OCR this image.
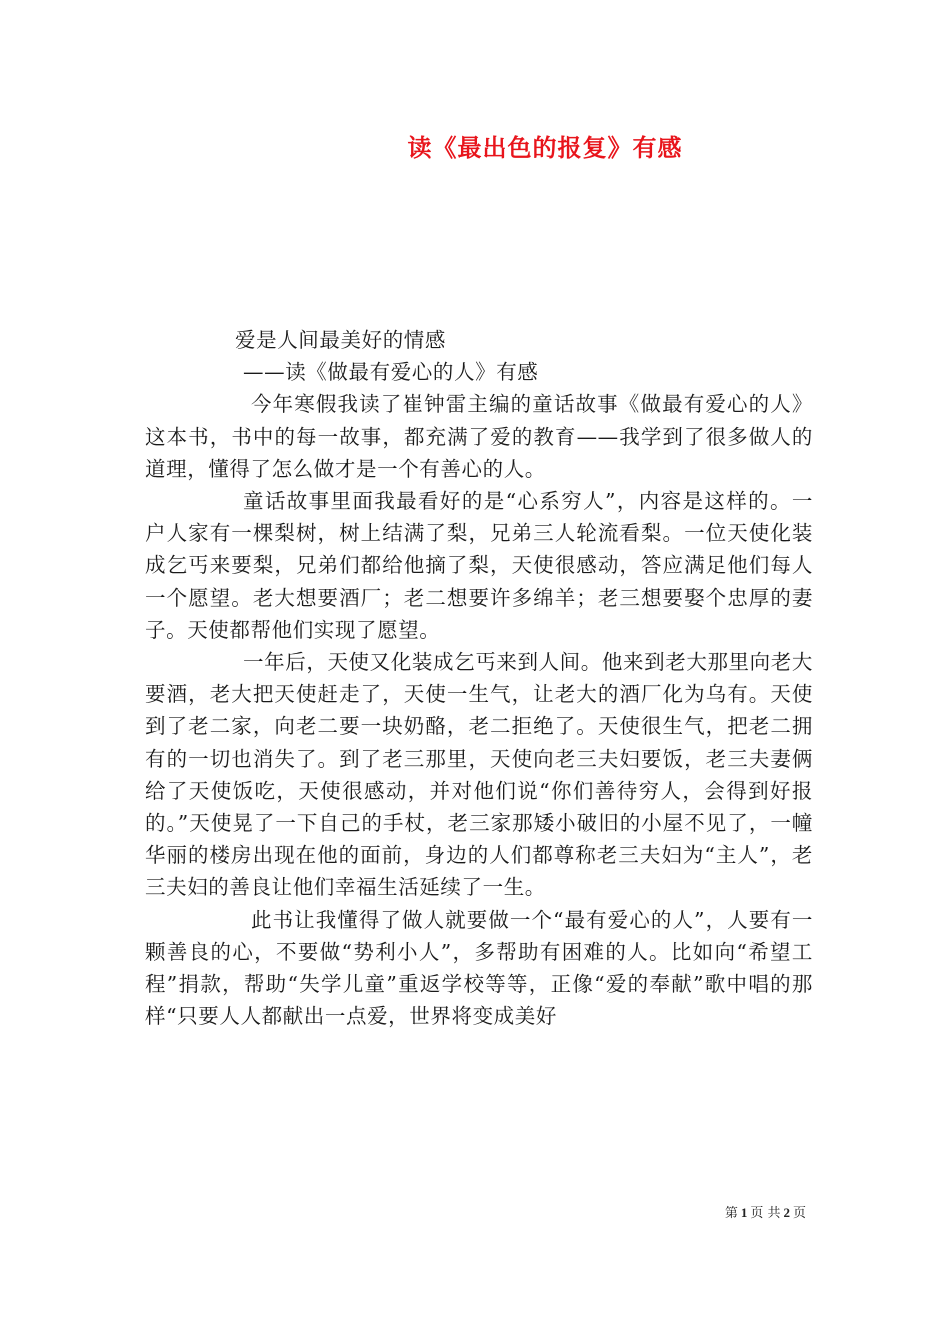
读《最出色的报复》有感

爱是人间最美好的情感

——读《做最有爱心的人》有感

今年寒假我读了崔钟雷主编的童话故事《做最有爱心的人》这本书，书中的每一故事，都充满了爱的教育——我学到了很多做人的道理，懂得了怎么做才是一个有善心的人。

童话故事里面我最看好的是“心系穷人”，内容是这样的。一户人家有一棵梨树，树上结满了梨，兄弟三人轮流看梨。一位天使化装成乞丐来要梨，兄弟们都给他摘了梨，天使很感动，答应满足他们每人一个愿望。老大想要酒厂；老二想要许多绵羊；老三想要娶个忠厚的妻子。天使都帮他们实现了愿望。

一年后，天使又化装成乞丐来到人间。他来到老大那里向老大要酒，老大把天使赶走了，天使一生气，让老大的酒厂化为乌有。天使到了老二家，向老二要一块奶酪，老二拒绝了。天使很生气，把老二拥有的一切也消失了。到了老三那里，天使向老三夫妇要饭，老三夫妻俩给了天使饭吃，天使很感动，并对他们说“你们善待穷人，会得到好报的。”天使晃了一下自己的手杖，老三家那矮小破旧的小屋不见了，一幢华丽的楼房出现在他的面前，身边的人们都尊称老三夫妇为“主人”，老三夫妇的善良让他们幸福生活延续了一生。

此书让我懂得了做人就要做一个“最有爱心的人”，人要有一颗善良的心，不要做“势利小人”，多帮助有困难的人。比如向“希望工程”捐款，帮助“失学儿童”重返学校等等，正像“爱的奉献”歌中唱的那样“只要人人都献出一点爱，世界将变成美好

第 1 页 共 2 页
